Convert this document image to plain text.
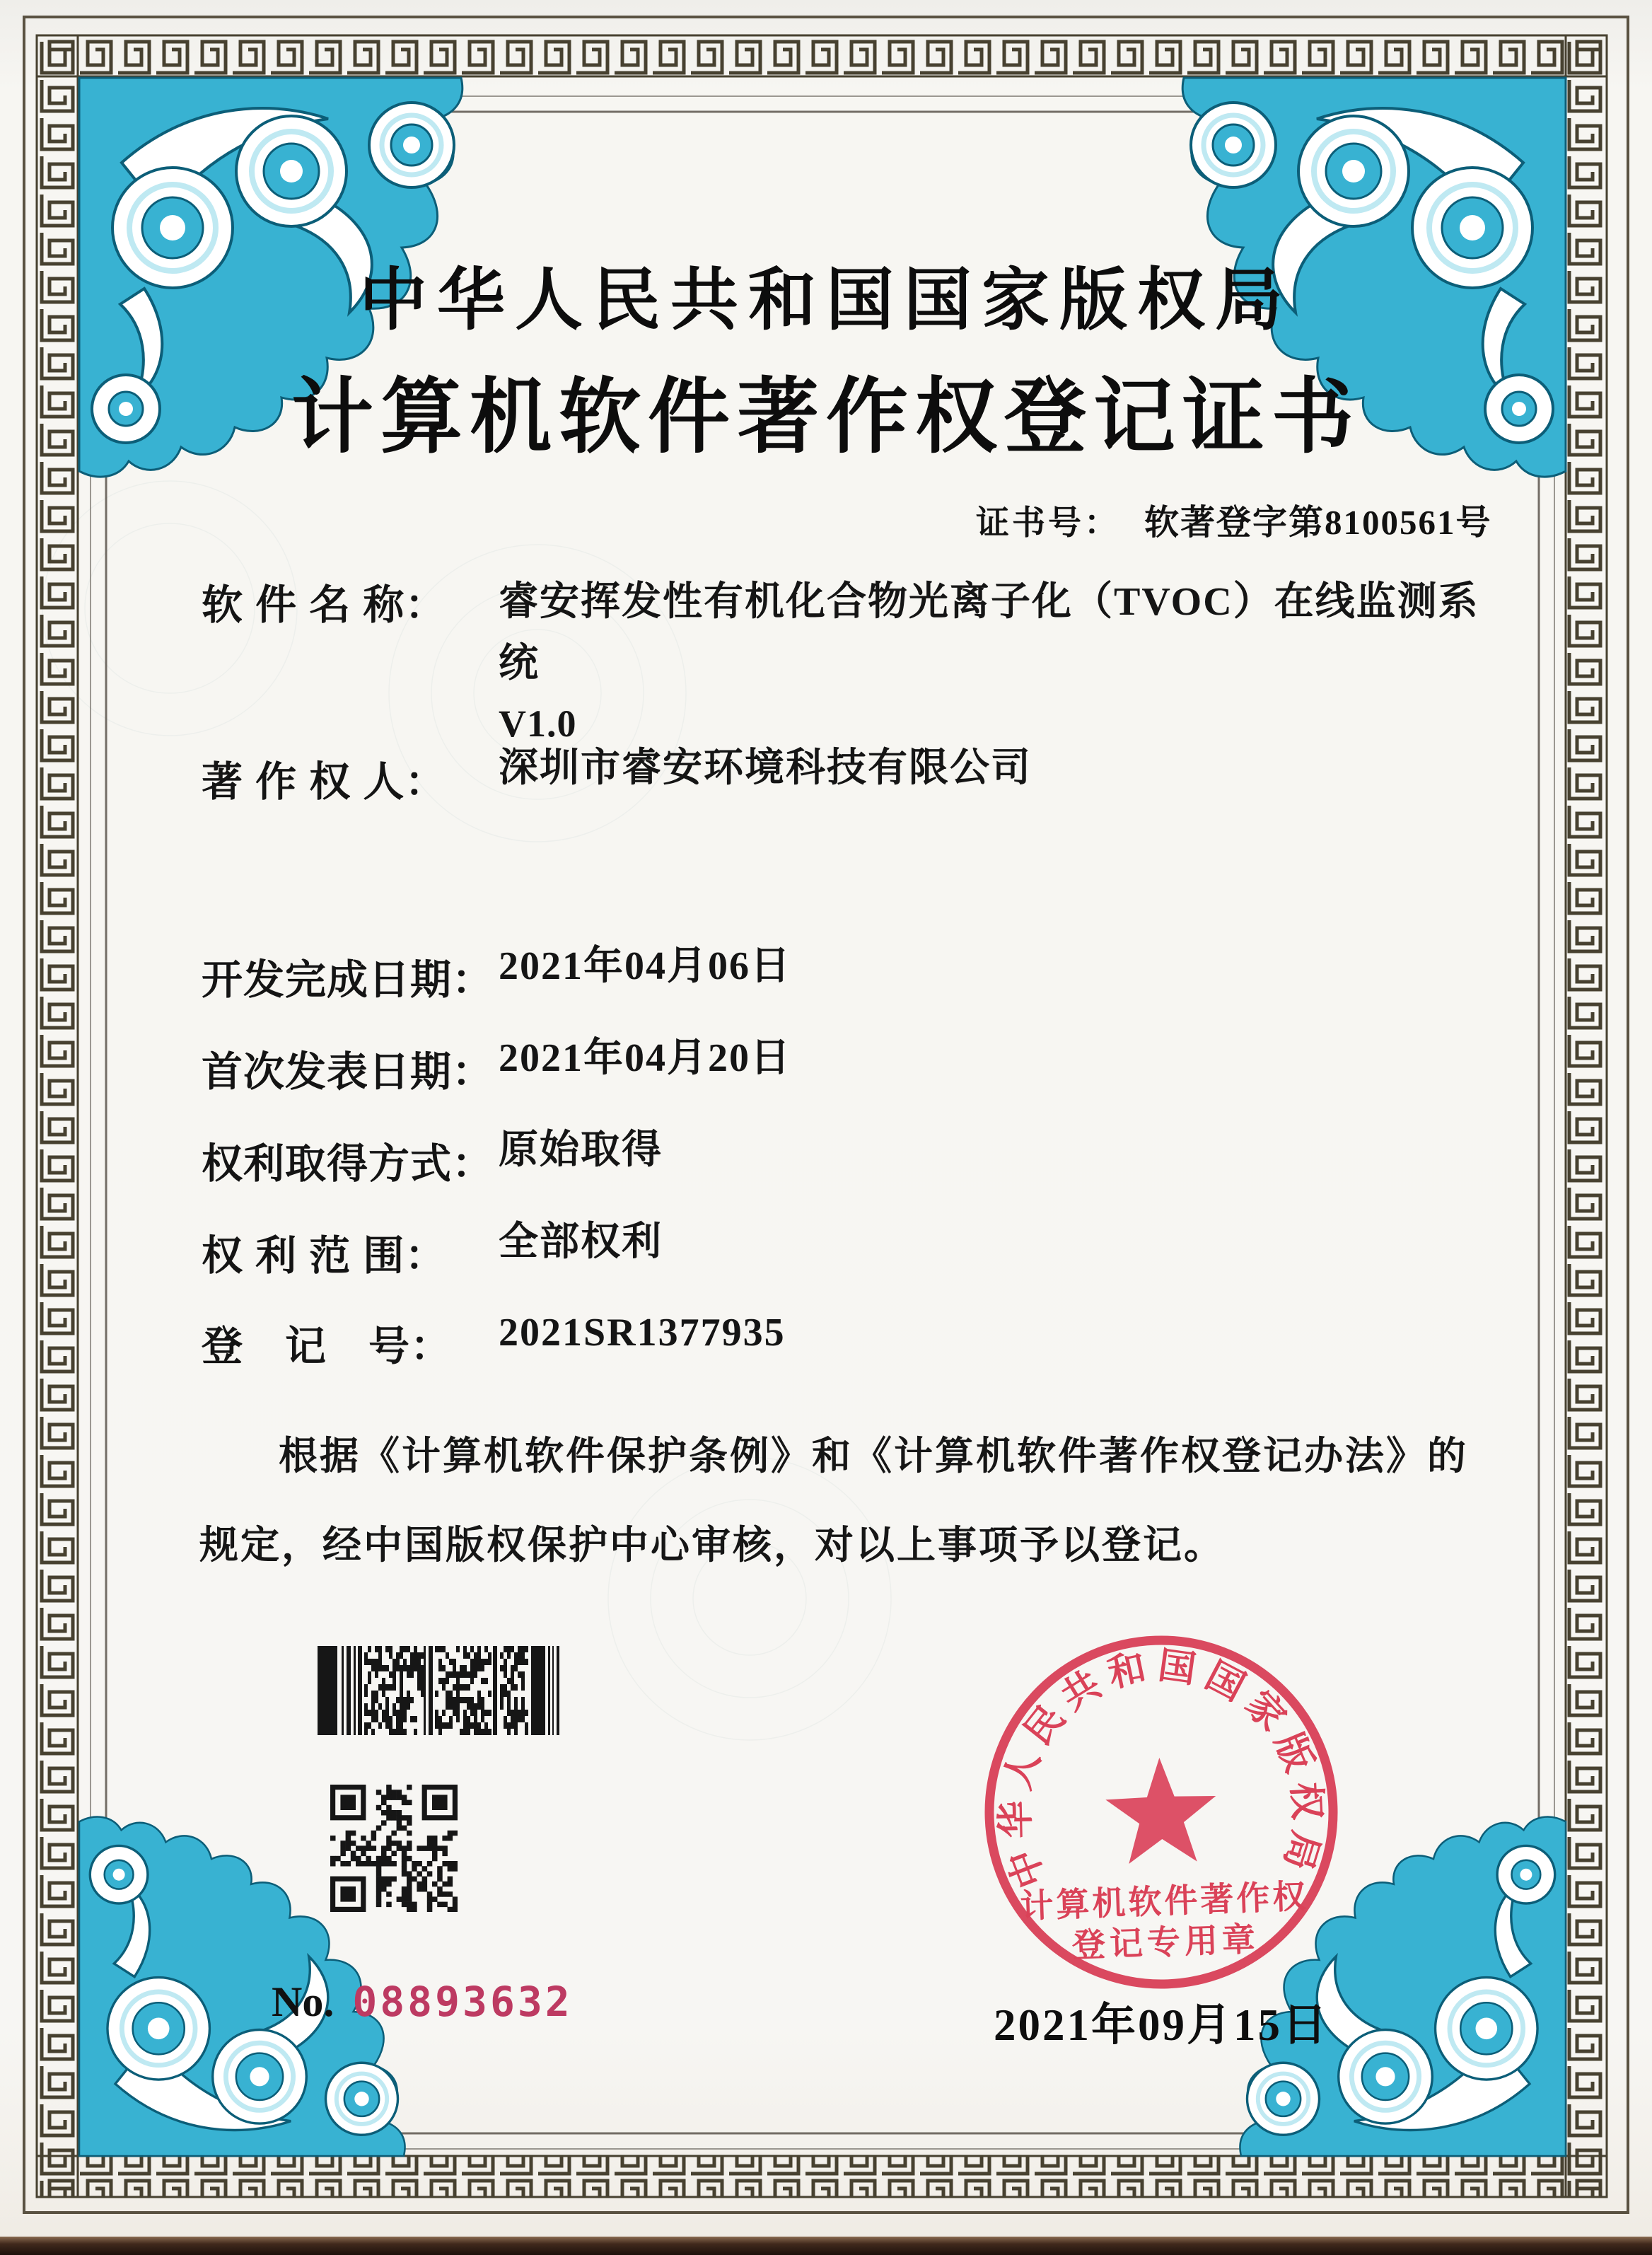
中华人民共和国国家版权局
计算机软件著作权登记证书
证书号： 软著登字第8100561号
软 件 名 称：	睿安挥发性有机化合物光离子化（TVOC）在线监测系
统
V1.0
著 作 权 人：	深圳市睿安环境科技有限公司
开发完成日期： 2021年04月06日
首次发表日期： 2021年04月20日
权利取得方式： 原始取得
权 利 范 围：	全部权利
登　记　号：	2021SR1377935
根据《计算机软件保护条例》和《计算机软件著作权登记办法》的
规定，经中国版权保护中心审核，对以上事项予以登记。
No. 08893632
中华人民共和国国家版权局
计算机软件著作权
登记专用章
2021年09月15日
